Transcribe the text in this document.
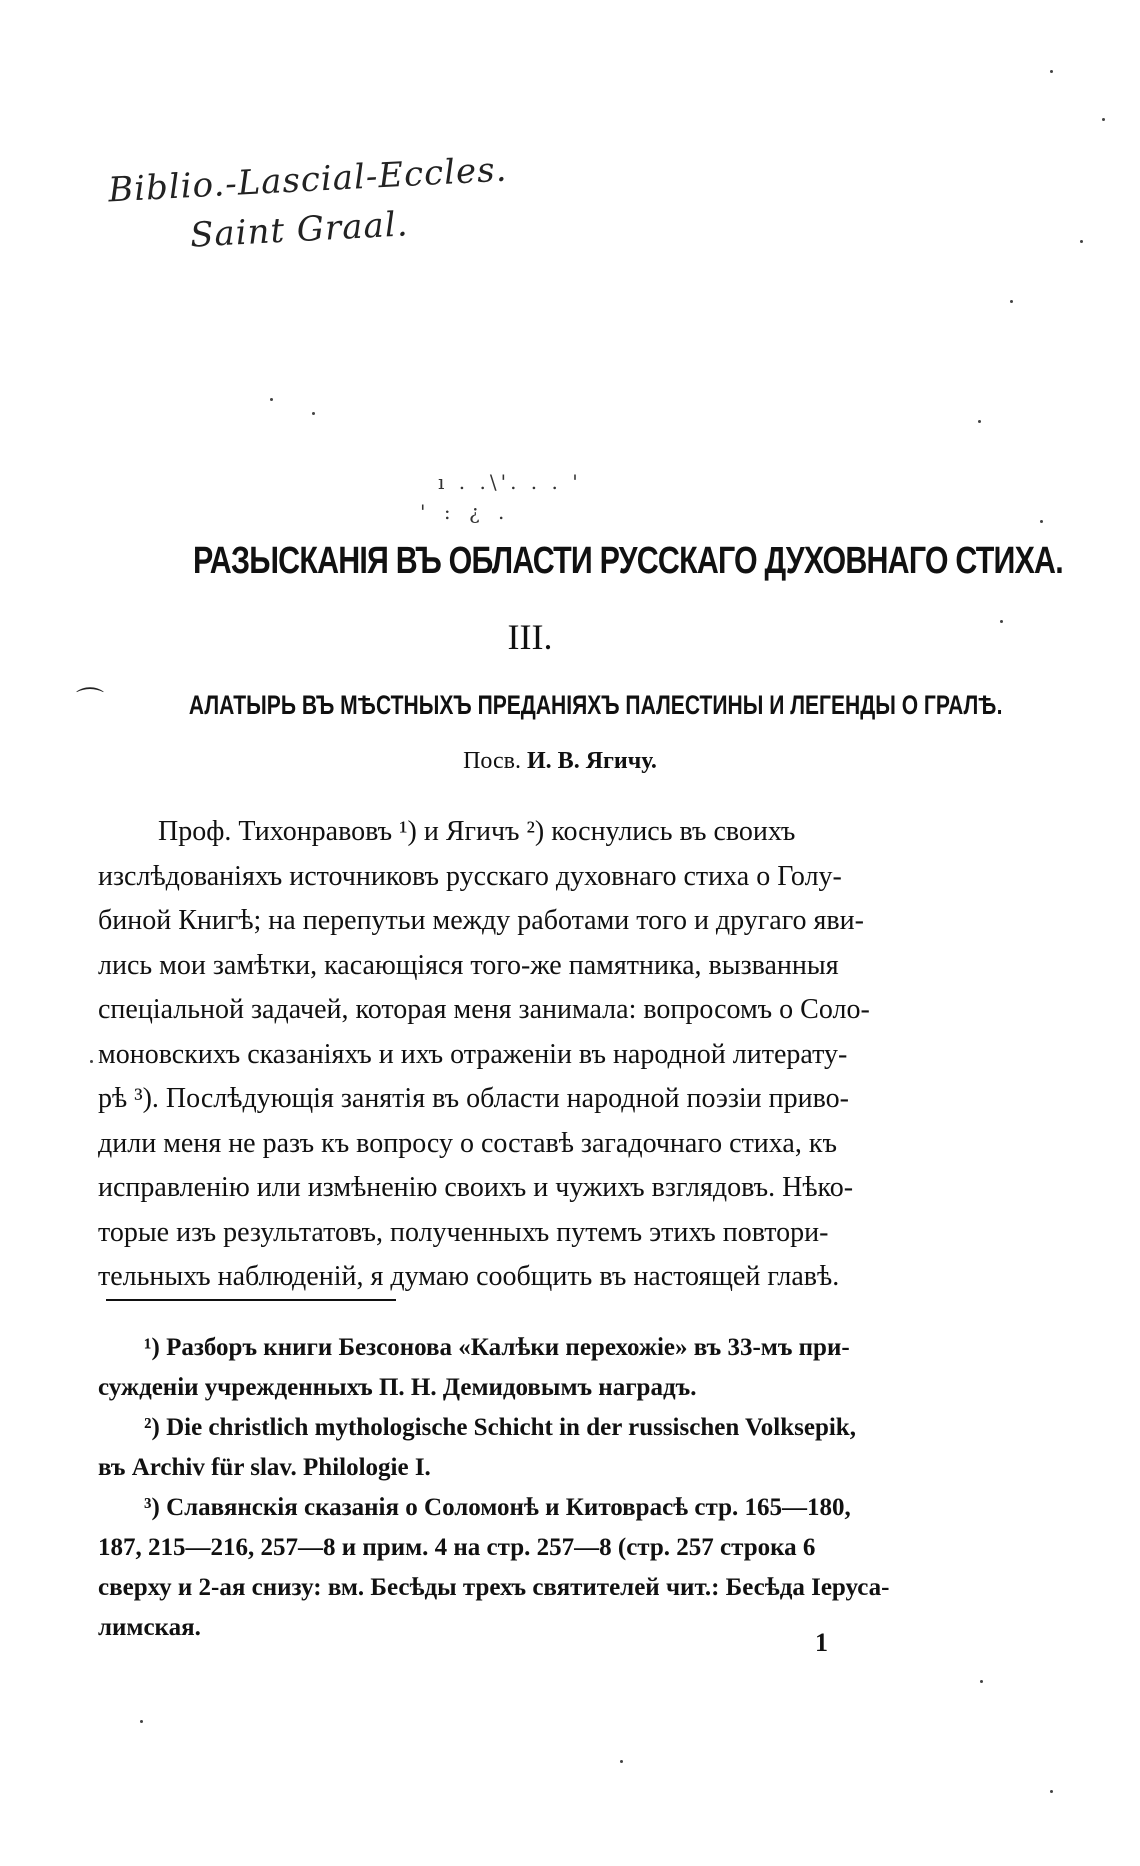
Biblio.-Lascial-Eccles.
Saint Graal.
ı . .\'. . . '
' : ¿ .
РАЗЫСКАНІЯ ВЪ ОБЛАСТИ РУССКАГО ДУХОВНАГО СТИХА.
III.
⌒	АЛАТЫРЬ ВЪ МѢСТНЫХЪ ПРЕДАНІЯХЪ ПАЛЕСТИНЫ И ЛЕГЕНДЫ О ГРАЛѢ.
Посв. И. В. Ягичу.
Проф. Тихонравовъ ¹) и Ягичъ ²) коснулись въ своихъ
изслѣдованіяхъ источниковъ русскаго духовнаго стиха о Голу-
биной Книгѣ; на перепутьи между работами того и другаго яви-
лись мои замѣтки, касающіяся того-же памятника, вызванныя
спеціальной задачей, которая меня занимала: вопросомъ о Соло-
моновскихъ сказаніяхъ и ихъ отраженіи въ народной литерату-
рѣ ³). Послѣдующія занятія въ области народной поэзіи приво-
дили меня не разъ къ вопросу о составѣ загадочнаго стиха, къ
исправленію или измѣненію своихъ и чужихъ взглядовъ. Нѣко-
торые изъ результатовъ, полученныхъ путемъ этихъ повтори-
тельныхъ наблюденій, я думаю сообщить въ настоящей главѣ.
¹) Разборъ книги Безсонова «Калѣки перехожіе» въ 33-мъ при-
сужденіи учрежденныхъ П. Н. Демидовымъ наградъ.
²) Die christlich mythologische Schicht in der russischen Volksepik,
въ Archiv für slav. Philologie I.
³) Славянскія сказанія о Соломонѣ и Китоврасѣ стр. 165—180,
187, 215—216, 257—8 и прим. 4 на стр. 257—8 (стр. 257 строка 6
сверху и 2-ая снизу: вм. Бесѣды трехъ святителей чит.: Бесѣда Іеруса-
лимская.
1
